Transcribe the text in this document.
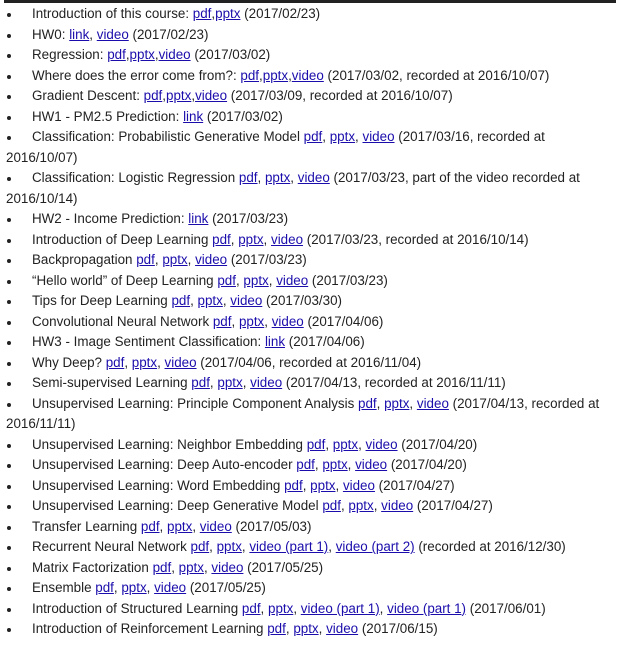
Introduction of this course: pdf,pptx (2017/02/23)
HW0: link, video (2017/02/23)
Regression: pdf,pptx,video (2017/03/02)
Where does the error come from?: pdf,pptx,video (2017/03/02, recorded at 2016/10/07)
Gradient Descent: pdf,pptx,video (2017/03/09, recorded at 2016/10/07)
HW1 - PM2.5 Prediction: link (2017/03/02)
Classification: Probabilistic Generative Model pdf, pptx, video (2017/03/16, recorded at 2016/10/07)
Classification: Logistic Regression pdf, pptx, video (2017/03/23, part of the video recorded at 2016/10/14)
HW2 - Income Prediction: link (2017/03/23)
Introduction of Deep Learning pdf, pptx, video (2017/03/23, recorded at 2016/10/14)
Backpropagation pdf, pptx, video (2017/03/23)
“Hello world” of Deep Learning pdf, pptx, video (2017/03/23)
Tips for Deep Learning pdf, pptx, video (2017/03/30)
Convolutional Neural Network pdf, pptx, video (2017/04/06)
HW3 - Image Sentiment Classification: link (2017/04/06)
Why Deep? pdf, pptx, video (2017/04/06, recorded at 2016/11/04)
Semi-supervised Learning pdf, pptx, video (2017/04/13, recorded at 2016/11/11)
Unsupervised Learning: Principle Component Analysis pdf, pptx, video (2017/04/13, recorded at 2016/11/11)
Unsupervised Learning: Neighbor Embedding pdf, pptx, video (2017/04/20)
Unsupervised Learning: Deep Auto-encoder pdf, pptx, video (2017/04/20)
Unsupervised Learning: Word Embedding pdf, pptx, video (2017/04/27)
Unsupervised Learning: Deep Generative Model pdf, pptx, video (2017/04/27)
Transfer Learning pdf, pptx, video (2017/05/03)
Recurrent Neural Network pdf, pptx, video (part 1), video (part 2) (recorded at 2016/12/30)
Matrix Factorization pdf, pptx, video (2017/05/25)
Ensemble pdf, pptx, video (2017/05/25)
Introduction of Structured Learning pdf, pptx, video (part 1), video (part 1) (2017/06/01)
Introduction of Reinforcement Learning pdf, pptx, video (2017/06/15)
